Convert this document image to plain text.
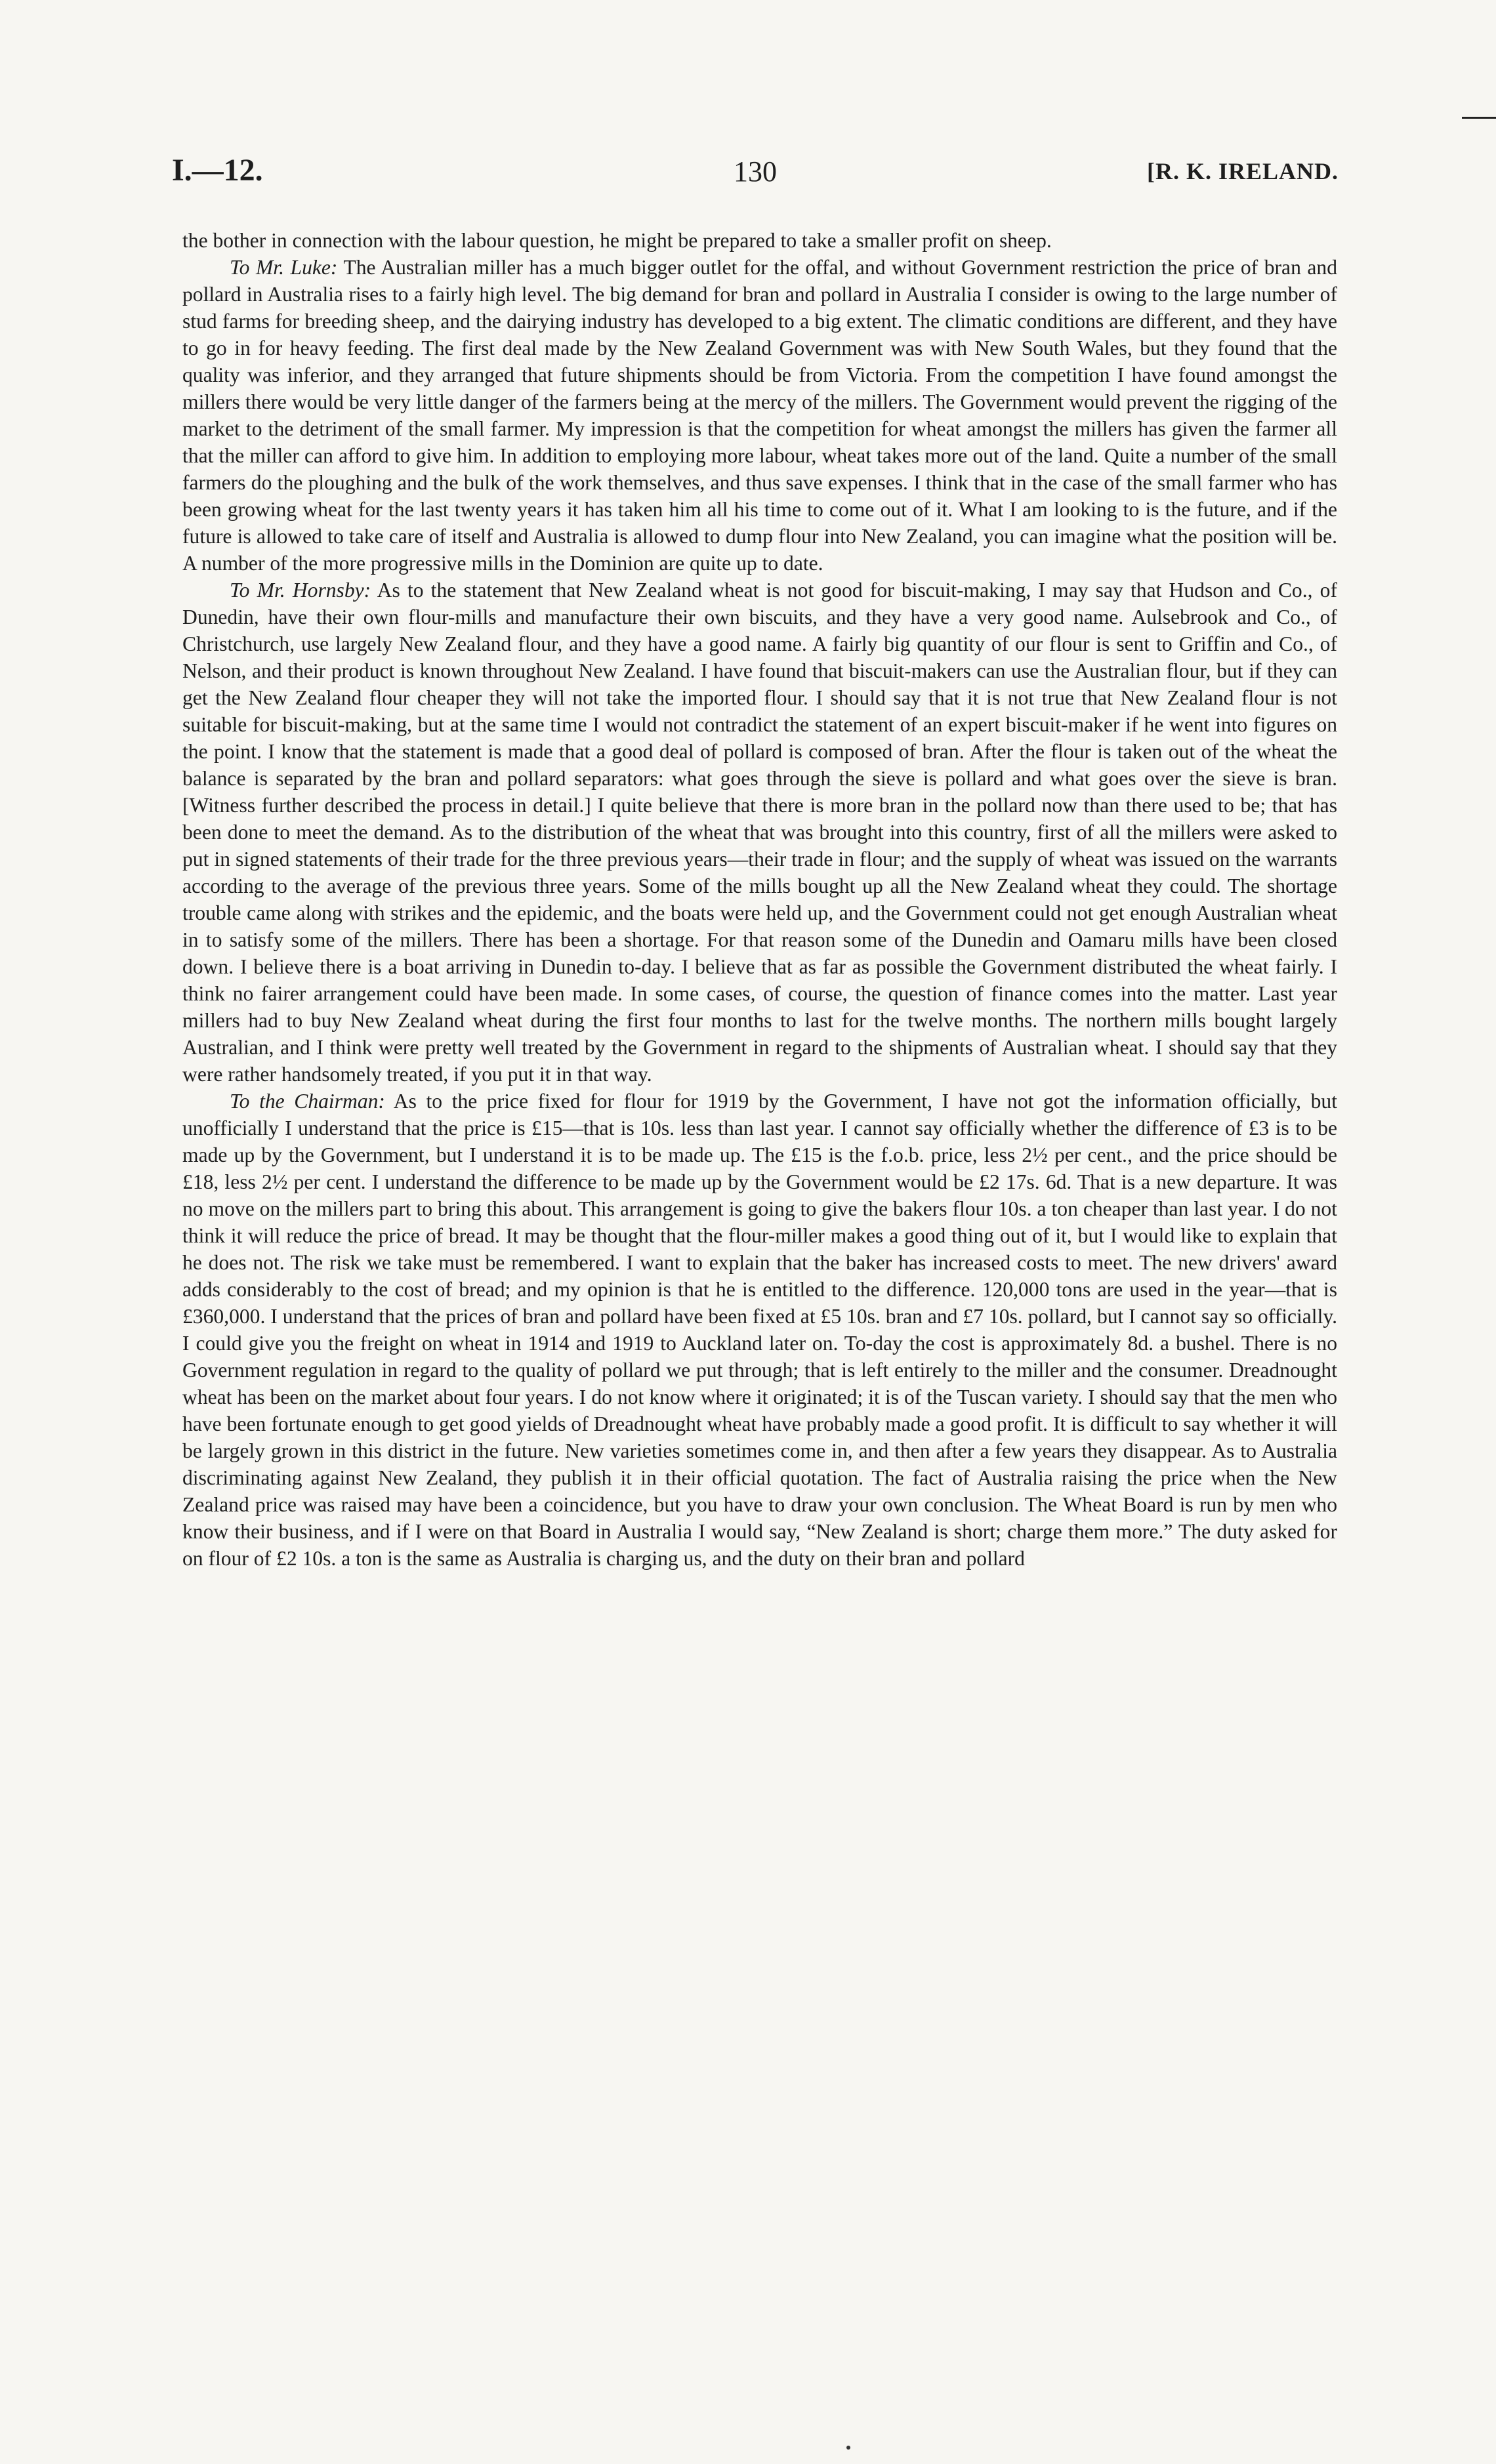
I.—12.	130	[R. K. IRELAND.

the bother in connection with the labour question, he might be prepared to take a smaller profit on sheep.

To Mr. Luke: The Australian miller has a much bigger outlet for the offal, and without Government restriction the price of bran and pollard in Australia rises to a fairly high level. The big demand for bran and pollard in Australia I consider is owing to the large number of stud farms for breeding sheep, and the dairying industry has developed to a big extent. The climatic conditions are different, and they have to go in for heavy feeding. The first deal made by the New Zealand Government was with New South Wales, but they found that the quality was inferior, and they arranged that future shipments should be from Victoria. From the competition I have found amongst the millers there would be very little danger of the farmers being at the mercy of the millers. The Government would prevent the rigging of the market to the detriment of the small farmer. My impression is that the competition for wheat amongst the millers has given the farmer all that the miller can afford to give him. In addition to employing more labour, wheat takes more out of the land. Quite a number of the small farmers do the ploughing and the bulk of the work themselves, and thus save expenses. I think that in the case of the small farmer who has been growing wheat for the last twenty years it has taken him all his time to come out of it. What I am looking to is the future, and if the future is allowed to take care of itself and Australia is allowed to dump flour into New Zealand, you can imagine what the position will be. A number of the more progressive mills in the Dominion are quite up to date.

To Mr. Hornsby: As to the statement that New Zealand wheat is not good for biscuit-making, I may say that Hudson and Co., of Dunedin, have their own flour-mills and manufacture their own biscuits, and they have a very good name. Aulsebrook and Co., of Christchurch, use largely New Zealand flour, and they have a good name. A fairly big quantity of our flour is sent to Griffin and Co., of Nelson, and their product is known throughout New Zealand. I have found that biscuit-makers can use the Australian flour, but if they can get the New Zealand flour cheaper they will not take the imported flour. I should say that it is not true that New Zealand flour is not suitable for biscuit-making, but at the same time I would not contradict the statement of an expert biscuit-maker if he went into figures on the point. I know that the statement is made that a good deal of pollard is composed of bran. After the flour is taken out of the wheat the balance is separated by the bran and pollard separators: what goes through the sieve is pollard and what goes over the sieve is bran. [Witness further described the process in detail.] I quite believe that there is more bran in the pollard now than there used to be; that has been done to meet the demand. As to the distribution of the wheat that was brought into this country, first of all the millers were asked to put in signed statements of their trade for the three previous years—their trade in flour; and the supply of wheat was issued on the warrants according to the average of the previous three years. Some of the mills bought up all the New Zealand wheat they could. The shortage trouble came along with strikes and the epidemic, and the boats were held up, and the Government could not get enough Australian wheat in to satisfy some of the millers. There has been a shortage. For that reason some of the Dunedin and Oamaru mills have been closed down. I believe there is a boat arriving in Dunedin to-day. I believe that as far as possible the Government distributed the wheat fairly. I think no fairer arrangement could have been made. In some cases, of course, the question of finance comes into the matter. Last year millers had to buy New Zealand wheat during the first four months to last for the twelve months. The northern mills bought largely Australian, and I think were pretty well treated by the Government in regard to the shipments of Australian wheat. I should say that they were rather handsomely treated, if you put it in that way.

To the Chairman: As to the price fixed for flour for 1919 by the Government, I have not got the information officially, but unofficially I understand that the price is £15—that is 10s. less than last year. I cannot say officially whether the difference of £3 is to be made up by the Government, but I understand it is to be made up. The £15 is the f.o.b. price, less 2½ per cent., and the price should be £18, less 2½ per cent. I understand the difference to be made up by the Government would be £2 17s. 6d. That is a new departure. It was no move on the millers part to bring this about. This arrangement is going to give the bakers flour 10s. a ton cheaper than last year. I do not think it will reduce the price of bread. It may be thought that the flour-miller makes a good thing out of it, but I would like to explain that he does not. The risk we take must be remembered. I want to explain that the baker has increased costs to meet. The new drivers' award adds considerably to the cost of bread; and my opinion is that he is entitled to the difference. 120,000 tons are used in the year—that is £360,000. I understand that the prices of bran and pollard have been fixed at £5 10s. bran and £7 10s. pollard, but I cannot say so officially. I could give you the freight on wheat in 1914 and 1919 to Auckland later on. To-day the cost is approximately 8d. a bushel. There is no Government regulation in regard to the quality of pollard we put through; that is left entirely to the miller and the consumer. Dreadnought wheat has been on the market about four years. I do not know where it originated; it is of the Tuscan variety. I should say that the men who have been fortunate enough to get good yields of Dreadnought wheat have probably made a good profit. It is difficult to say whether it will be largely grown in this district in the future. New varieties sometimes come in, and then after a few years they disappear. As to Australia discriminating against New Zealand, they publish it in their official quotation. The fact of Australia raising the price when the New Zealand price was raised may have been a coincidence, but you have to draw your own conclusion. The Wheat Board is run by men who know their business, and if I were on that Board in Australia I would say, “New Zealand is short; charge them more.” The duty asked for on flour of £2 10s. a ton is the same as Australia is charging us, and the duty on their bran and pollard
